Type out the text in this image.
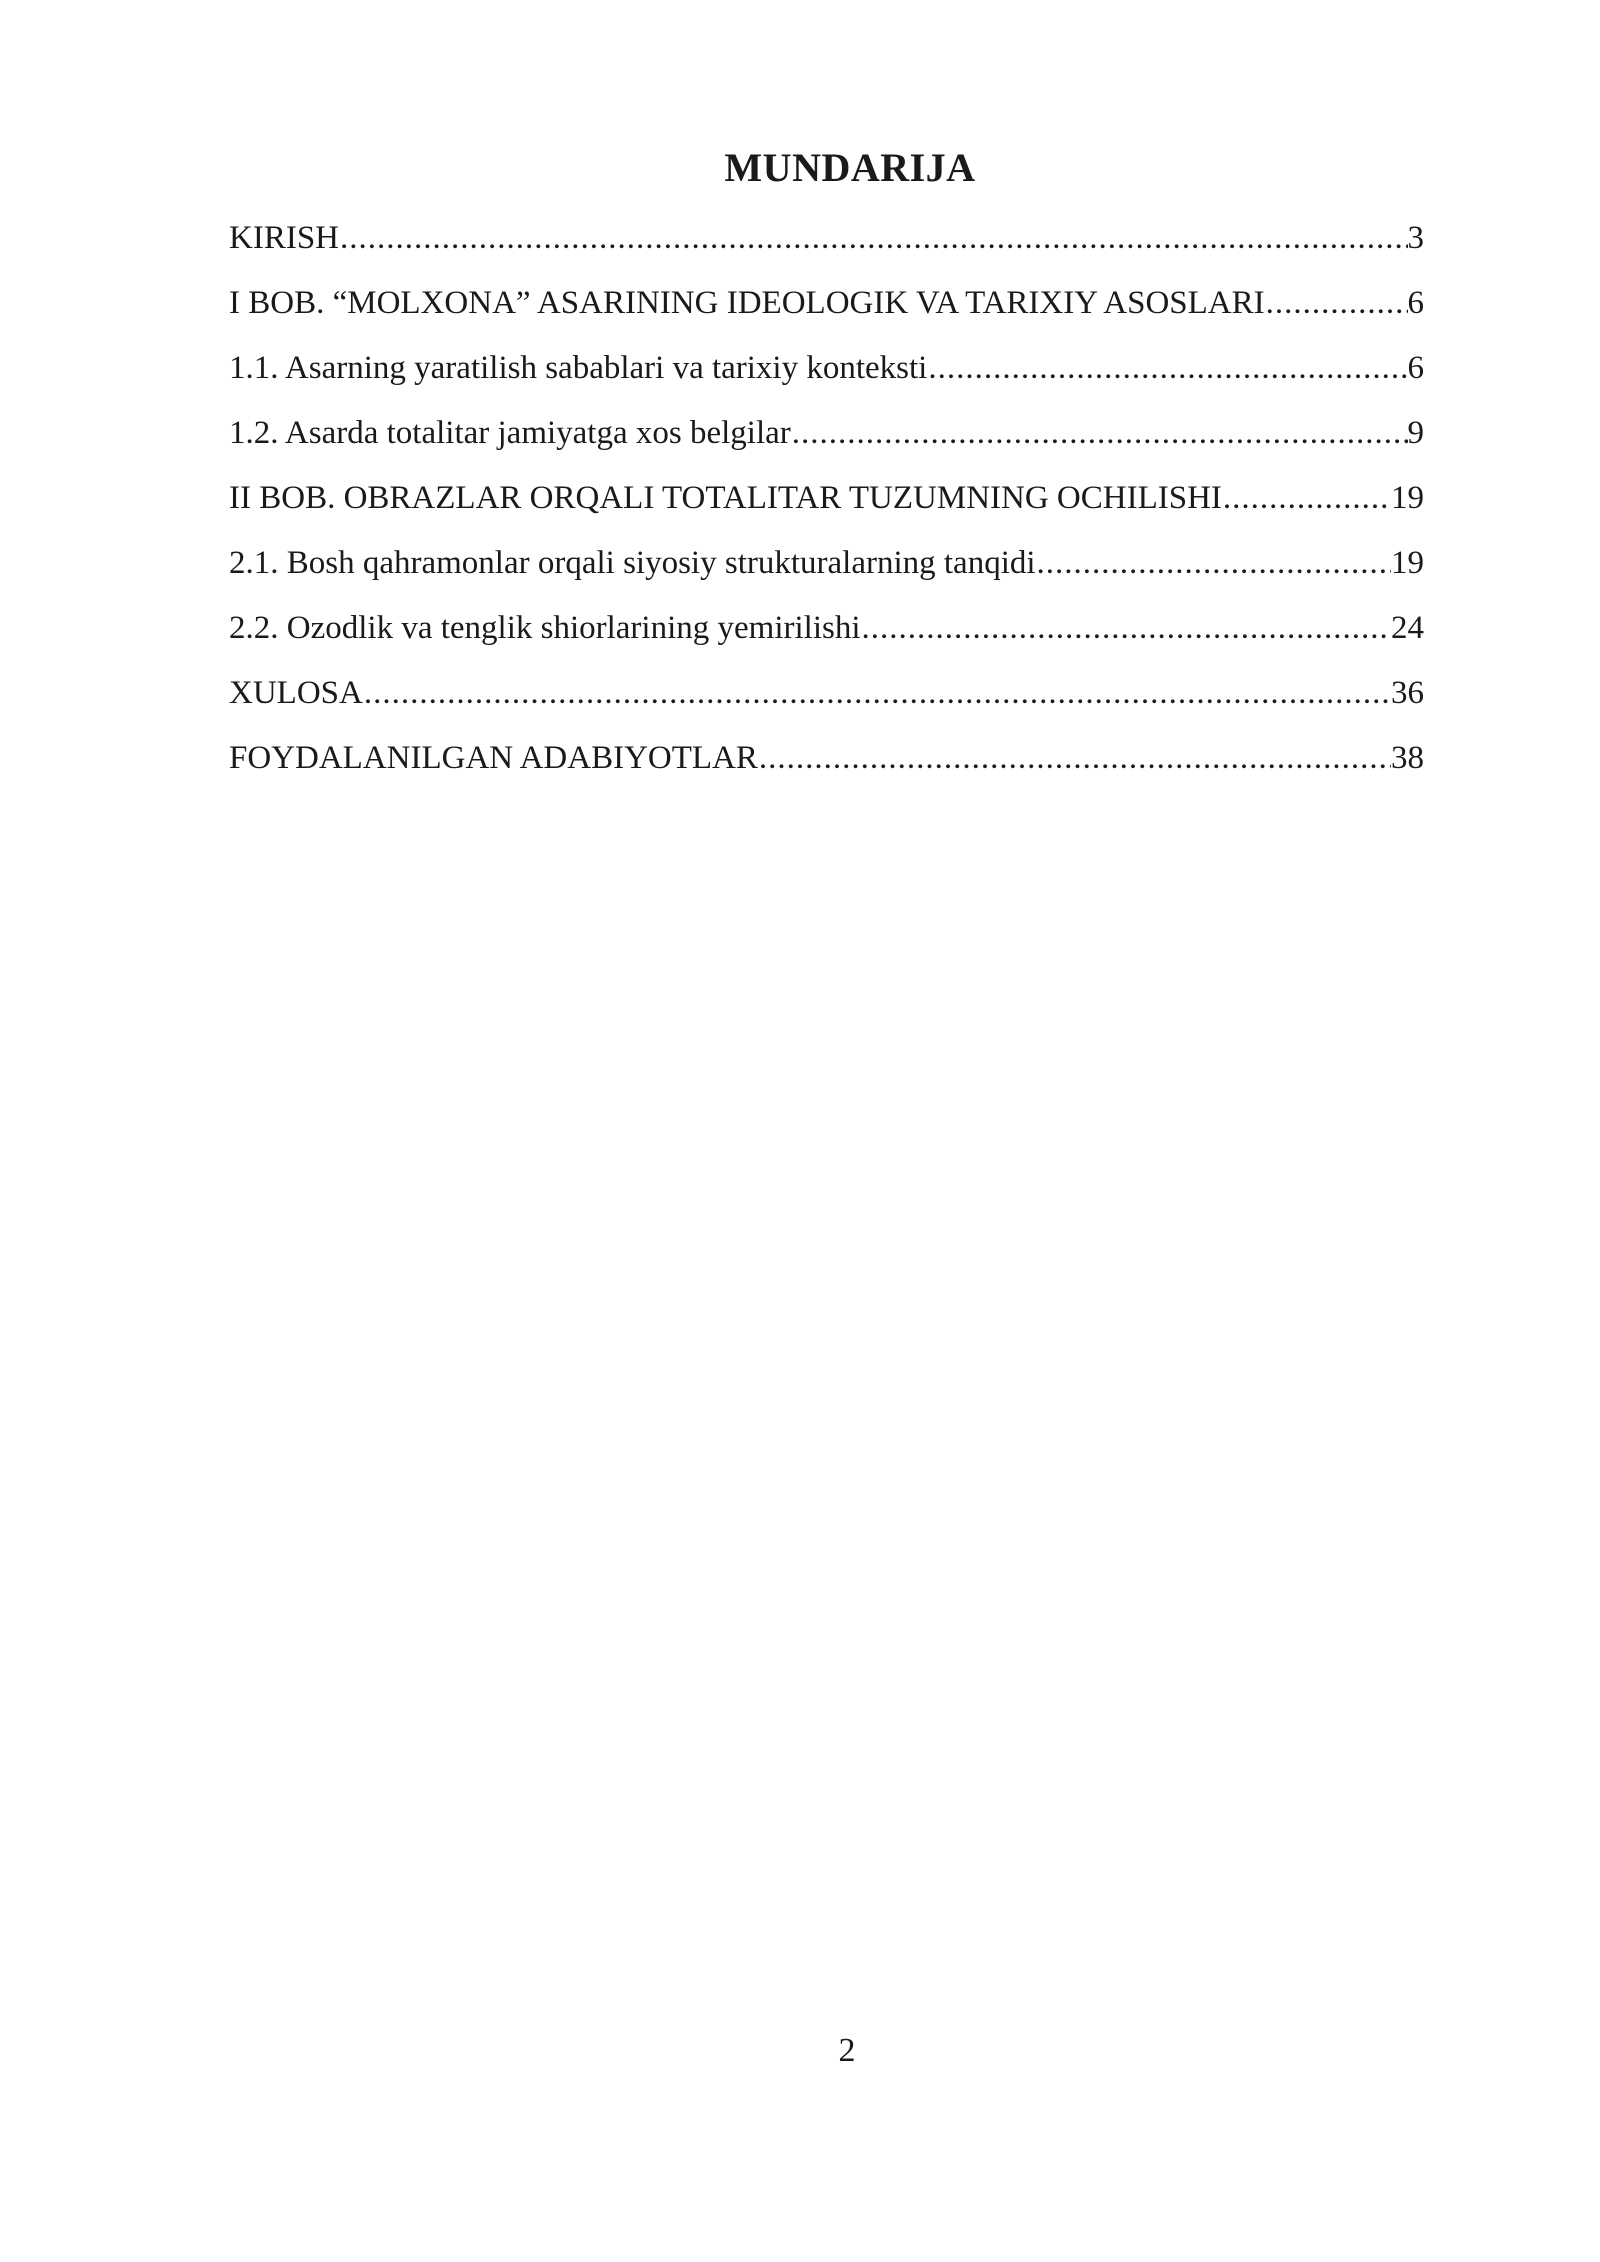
MUNDARIJA
KIRISH .....	3
I BOB. “MOLXONA” ASARINING IDEOLOGIK VA TARIXIY ASOSLARI .....	6
1.1. Asarning yaratilish sabablari va tarixiy konteksti .....	6
1.2. Asarda totalitar jamiyatga xos belgilar .....	9
II BOB. OBRAZLAR ORQALI TOTALITAR TUZUMNING OCHILISHI .....	19
2.1. Bosh qahramonlar orqali siyosiy strukturalarning tanqidi .....	19
2.2. Ozodlik va tenglik shiorlarining yemirilishi .....	24
XULOSA .....	36
FOYDALANILGAN ADABIYOTLAR .....	38
2
